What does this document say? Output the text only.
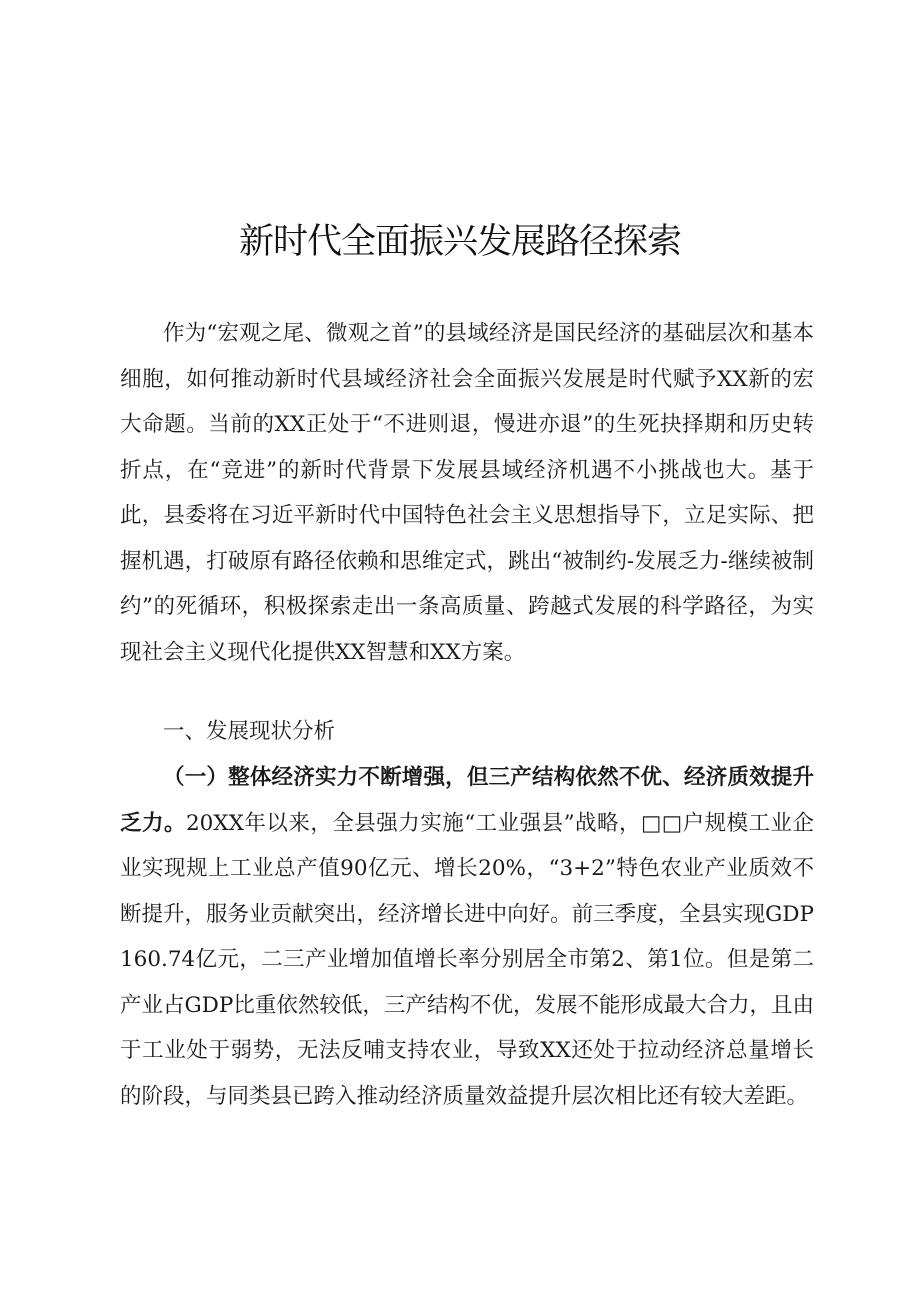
新时代全面振兴发展路径探索

作为“宏观之尾、微观之首”的县域经济是国民经济的基础层次和基本细胞，如何推动新时代县域经济社会全面振兴发展是时代赋予XX新的宏大命题。当前的XX正处于“不进则退，慢进亦退”的生死抉择期和历史转折点，在“竞进”的新时代背景下发展县域经济机遇不小挑战也大。基于此，县委将在习近平新时代中国特色社会主义思想指导下，立足实际、把握机遇，打破原有路径依赖和思维定式，跳出“被制约-发展乏力-继续被制约”的死循环，积极探索走出一条高质量、跨越式发展的科学路径，为实现社会主义现代化提供XX智慧和XX方案。

一、发展现状分析

（一）整体经济实力不断增强，但三产结构依然不优、经济质效提升乏力。20XX年以来，全县强力实施“工业强县”战略，□□户规模工业企业实现规上工业总产值90亿元、增长20%，“3+2”特色农业产业质效不断提升，服务业贡献突出，经济增长进中向好。前三季度，全县实现GDP160.74亿元，二三产业增加值增长率分别居全市第2、第1位。但是第二产业占GDP比重依然较低，三产结构不优，发展不能形成最大合力，且由于工业处于弱势，无法反哺支持农业，导致XX还处于拉动经济总量增长的阶段，与同类县已跨入推动经济质量效益提升层次相比还有较大差距。
